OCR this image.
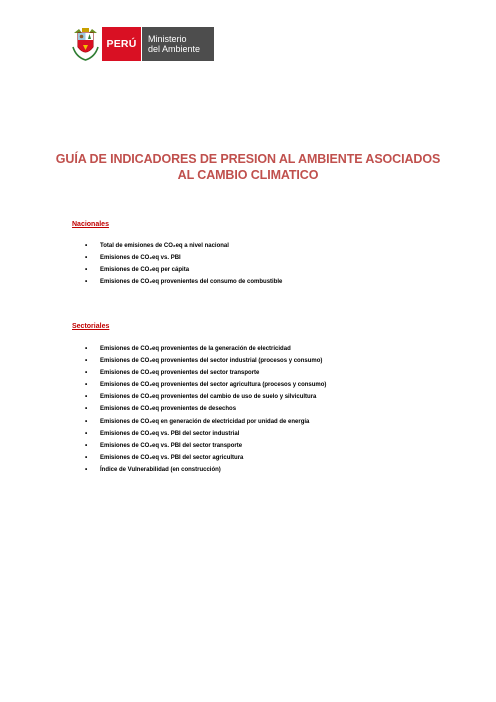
PERÚ	Ministerio
del Ambiente
GUÍA DE INDICADORES DE PRESION AL AMBIENTE ASOCIADOS
AL CAMBIO CLIMATICO
Nacionales
• Total de emisiones de CO₂eq a nivel nacional
• Emisiones de CO₂eq vs. PBI
• Emisiones de CO₂eq per cápita
• Emisiones de CO₂eq provenientes del consumo de combustible
Sectoriales
• Emisiones de CO₂eq provenientes de la generación de electricidad
• Emisiones de CO₂eq provenientes del sector industrial (procesos y consumo)
• Emisiones de CO₂eq provenientes del sector transporte
• Emisiones de CO₂eq provenientes del sector agricultura (procesos y consumo)
• Emisiones de CO₂eq provenientes del cambio de uso de suelo y silvicultura
• Emisiones de CO₂eq provenientes de desechos
• Emisiones de CO₂eq en generación de electricidad por unidad de energía
• Emisiones de CO₂eq vs. PBI del sector industrial
• Emisiones de CO₂eq vs. PBI del sector transporte
• Emisiones de CO₂eq vs. PBI del sector agricultura
• Índice de Vulnerabilidad (en construcción)
